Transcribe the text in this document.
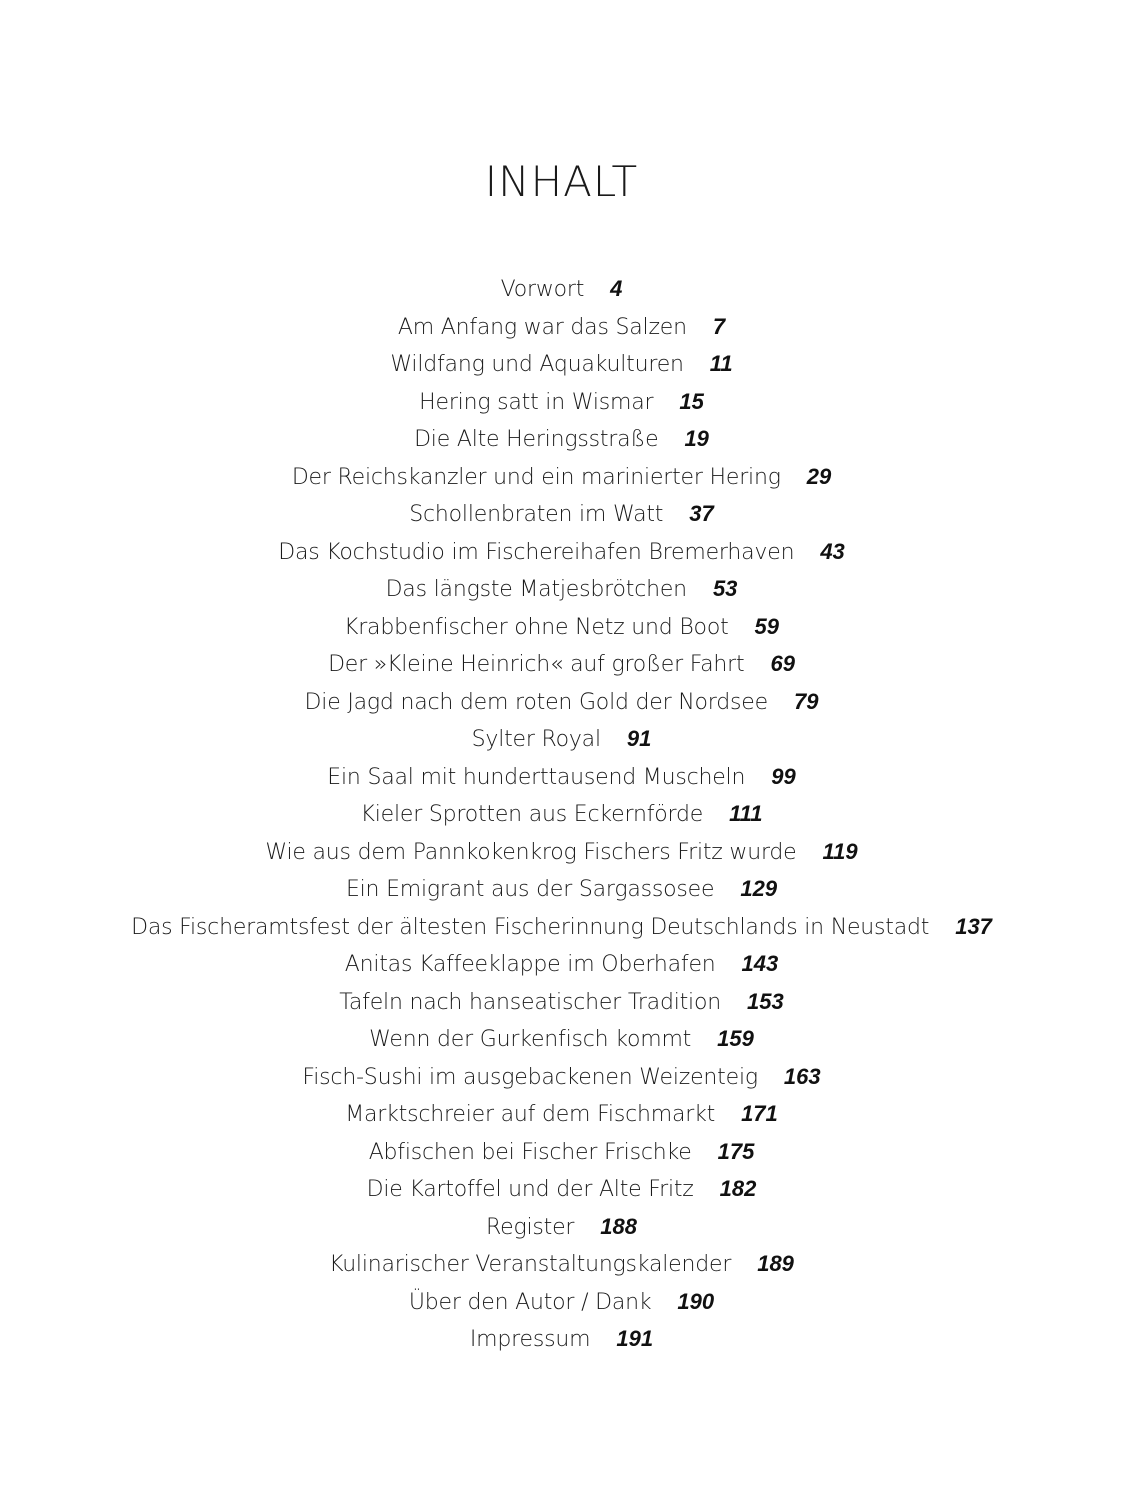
INHALT
Vorwort 4
Am Anfang war das Salzen 7
Wildfang und Aquakulturen 11
Hering satt in Wismar 15
Die Alte Heringsstraße 19
Der Reichskanzler und ein marinierter Hering 29
Schollenbraten im Watt 37
Das Kochstudio im Fischereihafen Bremerhaven 43
Das längste Matjesbrötchen 53
Krabbenfischer ohne Netz und Boot 59
Der »Kleine Heinrich« auf großer Fahrt 69
Die Jagd nach dem roten Gold der Nordsee 79
Sylter Royal 91
Ein Saal mit hunderttausend Muscheln 99
Kieler Sprotten aus Eckernförde 111
Wie aus dem Pannkokenkrog Fischers Fritz wurde 119
Ein Emigrant aus der Sargassosee 129
Das Fischeramtsfest der ältesten Fischerinnung Deutschlands in Neustadt 137
Anitas Kaffeeklappe im Oberhafen 143
Tafeln nach hanseatischer Tradition 153
Wenn der Gurkenfisch kommt 159
Fisch-Sushi im ausgebackenen Weizenteig 163
Marktschreier auf dem Fischmarkt 171
Abfischen bei Fischer Frischke 175
Die Kartoffel und der Alte Fritz 182
Register 188
Kulinarischer Veranstaltungskalender 189
Über den Autor / Dank 190
Impressum 191
